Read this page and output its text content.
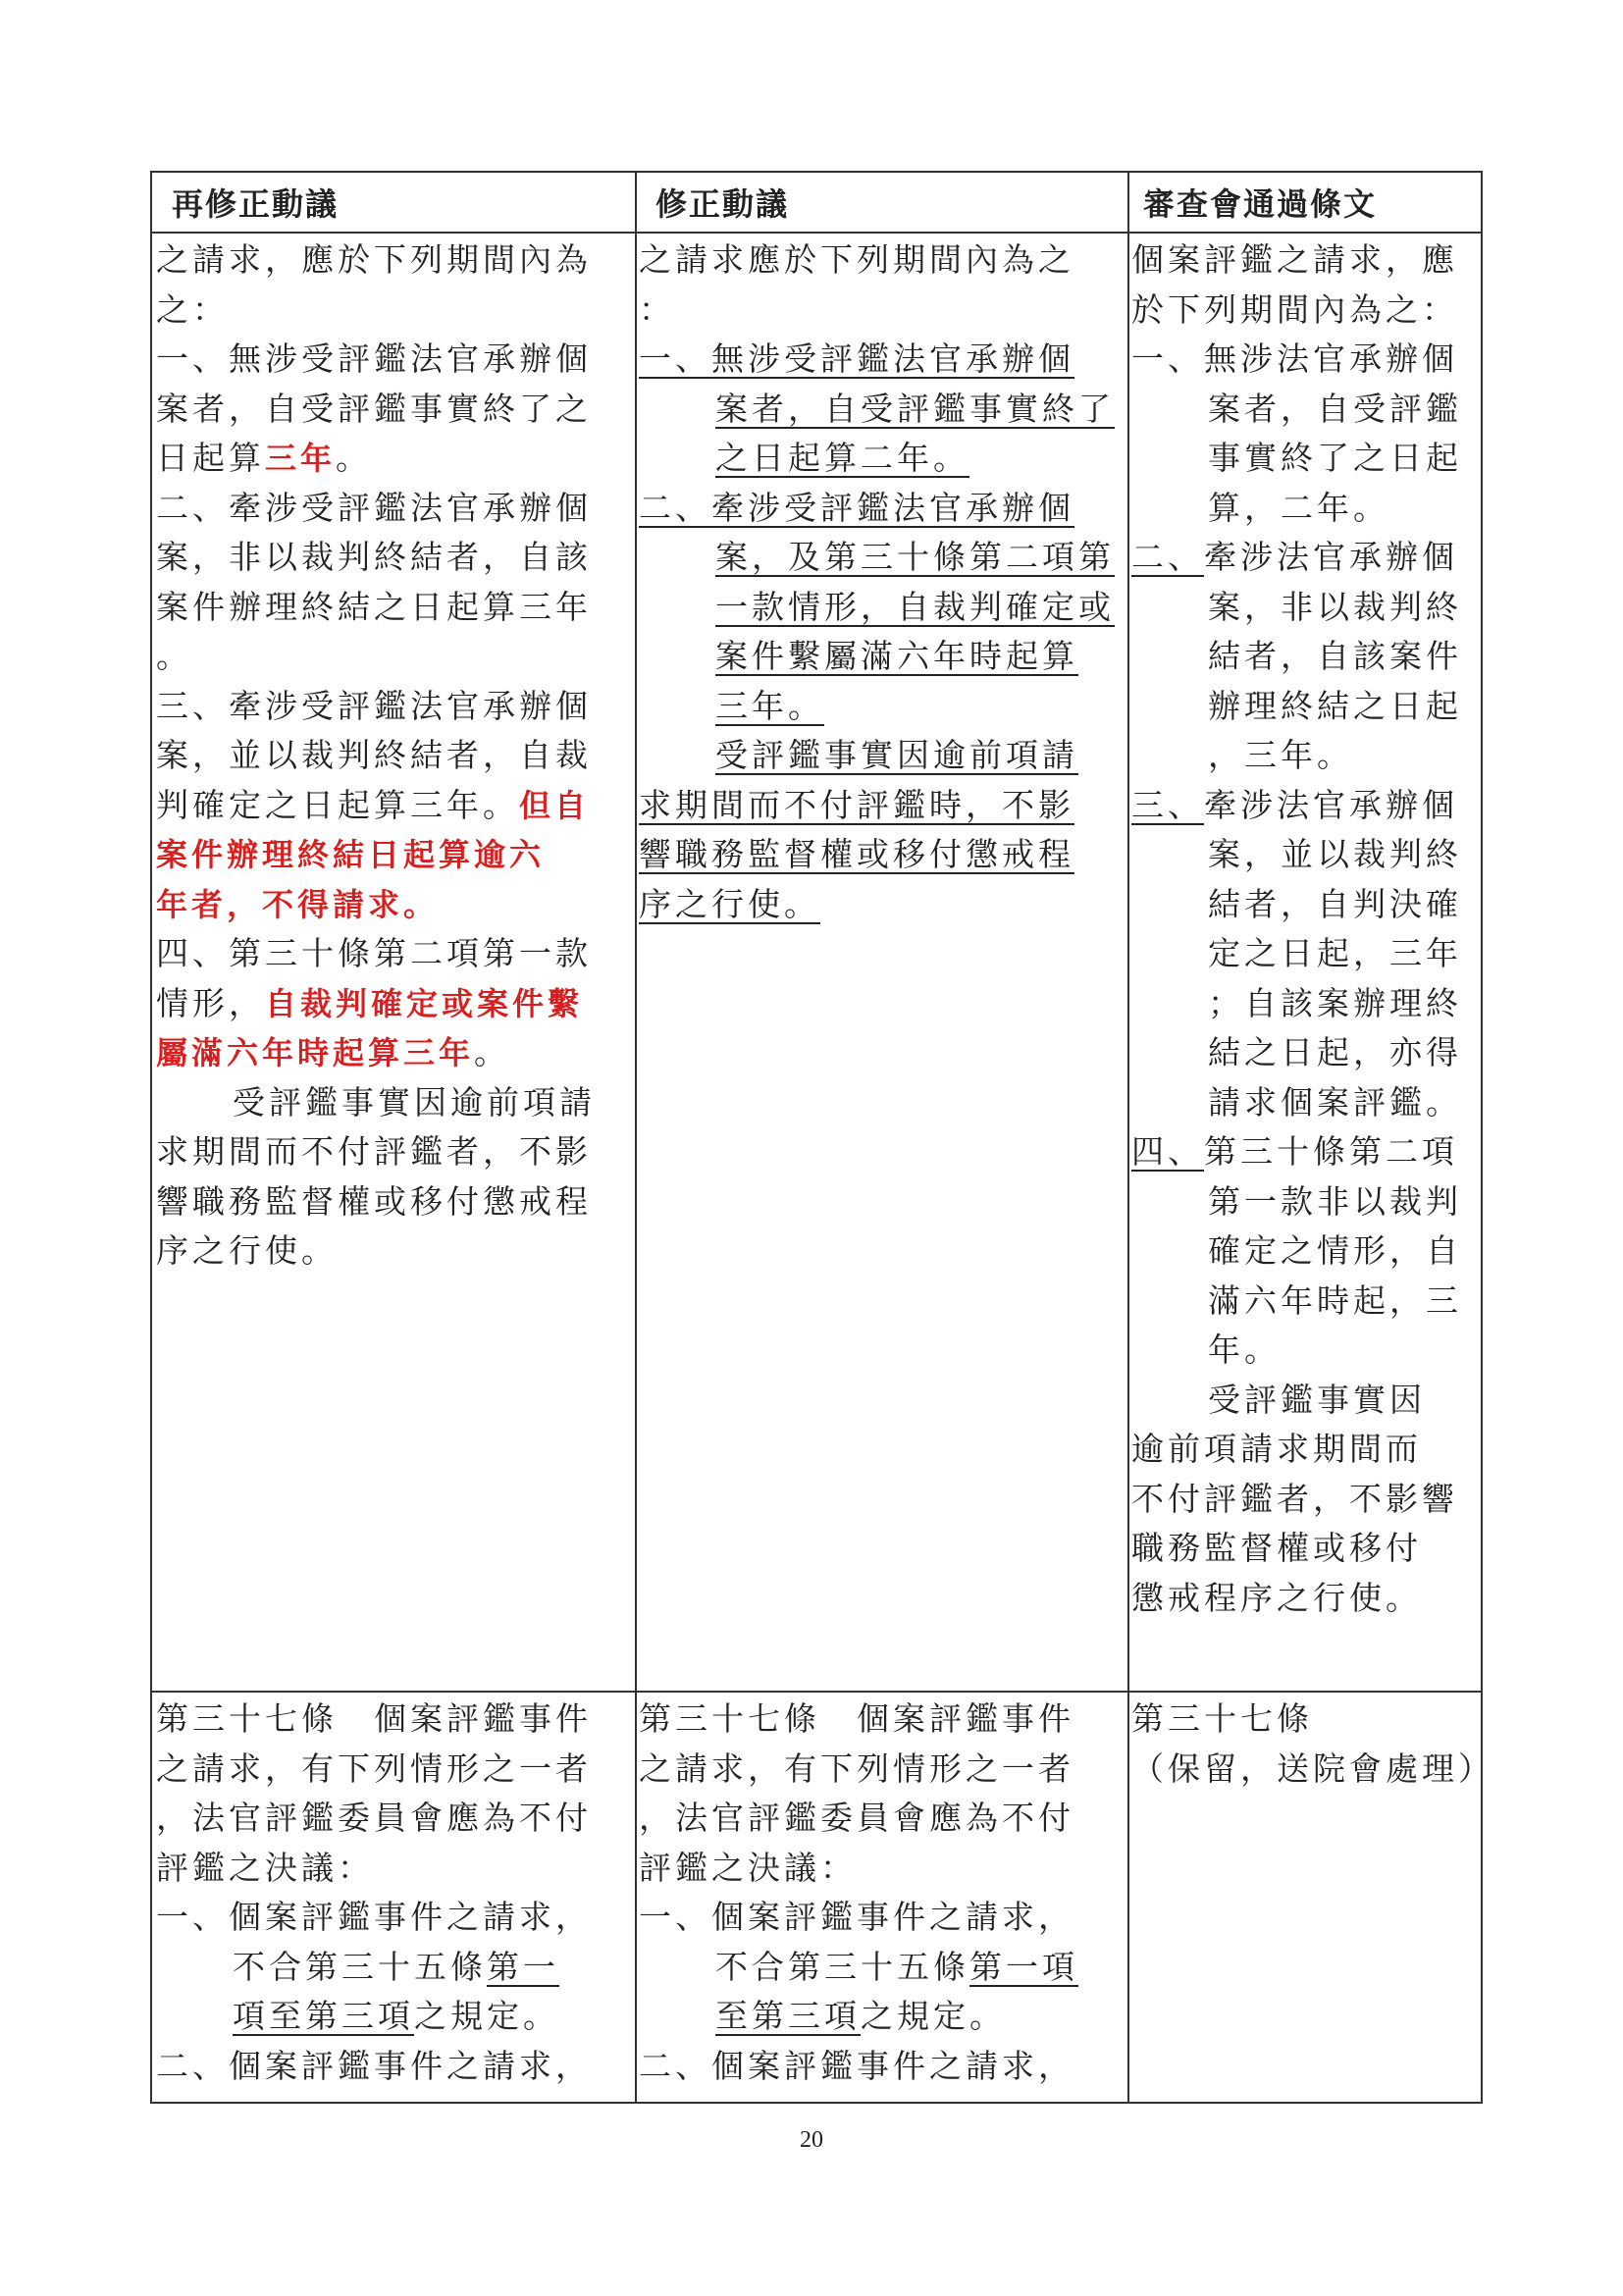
再修正動議	修正動議	審查會通過條文
之請求，應於下列期間內為
之：
一、無涉受評鑑法官承辦個
案者，自受評鑑事實終了之
日起算三年。
二、牽涉受評鑑法官承辦個
案，非以裁判終結者，自該
案件辦理終結之日起算三年
。
三、牽涉受評鑑法官承辦個
案，並以裁判終結者，自裁
判確定之日起算三年。但自
案件辦理終結日起算逾六
年者，不得請求。
四、第三十條第二項第一款
情形，自裁判確定或案件繫
屬滿六年時起算三年。
受評鑑事實因逾前項請
求期間而不付評鑑者，不影
響職務監督權或移付懲戒程
序之行使。
之請求應於下列期間內為之
：
一、無涉受評鑑法官承辦個
案者，自受評鑑事實終了
之日起算二年。
二、牽涉受評鑑法官承辦個
案，及第三十條第二項第
一款情形，自裁判確定或
案件繫屬滿六年時起算
三年。
受評鑑事實因逾前項請
求期間而不付評鑑時，不影
響職務監督權或移付懲戒程
序之行使。
個案評鑑之請求，應
於下列期間內為之：
一、無涉法官承辦個
案者，自受評鑑
事實終了之日起
算，二年。
二、牽涉法官承辦個
案，非以裁判終
結者，自該案件
辦理終結之日起
，三年。
三、牽涉法官承辦個
案，並以裁判終
結者，自判決確
定之日起，三年
；自該案辦理終
結之日起，亦得
請求個案評鑑。
四、第三十條第二項
第一款非以裁判
確定之情形，自
滿六年時起，三
年。
受評鑑事實因
逾前項請求期間而
不付評鑑者，不影響
職務監督權或移付
懲戒程序之行使。
第三十七條　個案評鑑事件
之請求，有下列情形之一者
，法官評鑑委員會應為不付
評鑑之決議：
一、個案評鑑事件之請求，
不合第三十五條第一
項至第三項之規定。
二、個案評鑑事件之請求，
第三十七條　個案評鑑事件
之請求，有下列情形之一者
，法官評鑑委員會應為不付
評鑑之決議：
一、個案評鑑事件之請求，
不合第三十五條第一項
至第三項之規定。
二、個案評鑑事件之請求，
第三十七條
（保留，送院會處理）
20
